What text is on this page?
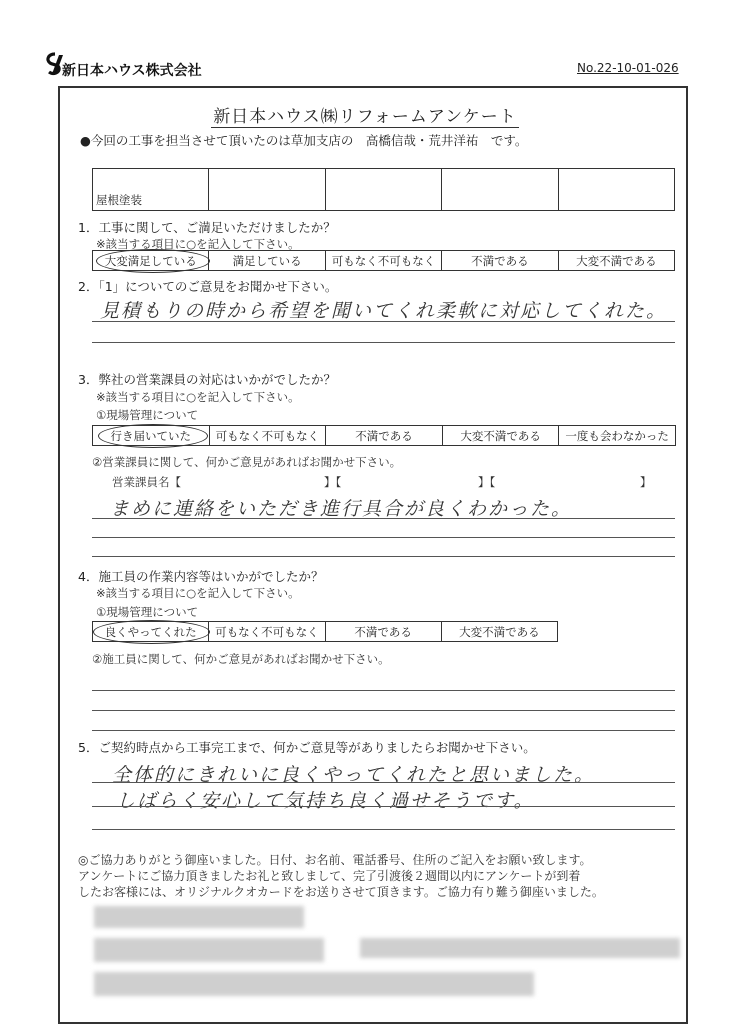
新日本ハウス株式会社	No.22-10-01-026
新日本ハウス㈱リフォームアンケート
●今回の工事を担当させて頂いたのは草加支店の　高橋信哉・荒井洋祐　です。
屋根塗装
1．工事に関して、ご満足いただけましたか？
※該当する項目に○を記入して下さい。
大変満足している	満足している	可もなく不可もなく	不満である	大変不満である
2．「1」についてのご意見をお聞かせ下さい。
見積もりの時から希望を聞いてくれ柔軟に対応してくれた。
3．弊社の営業課員の対応はいかがでしたか？
※該当する項目に○を記入して下さい。
①現場管理について
行き届いていた	可もなく不可もなく	不満である	大変不満である	一度も会わなかった
②営業課員に関して、何かご意見があればお聞かせ下さい。
営業課員名【	】【	】【	】
まめに連絡をいただき進行具合が良くわかった。
4．施工員の作業内容等はいかがでしたか？
※該当する項目に○を記入して下さい。
①現場管理について
良くやってくれた	可もなく不可もなく	不満である	大変不満である
②施工員に関して、何かご意見があればお聞かせ下さい。
5．ご契約時点から工事完工まで、何かご意見等がありましたらお聞かせ下さい。
全体的にきれいに良くやってくれたと思いました。
しばらく安心して気持ち良く過せそうです。
◎ご協力ありがとう御座いました。日付、お名前、電話番号、住所のご記入をお願い致します。
アンケートにご協力頂きましたお礼と致しまして、完了引渡後２週間以内にアンケートが到着
したお客様には、オリジナルクオカードをお送りさせて頂きます。ご協力有り難う御座いました。
